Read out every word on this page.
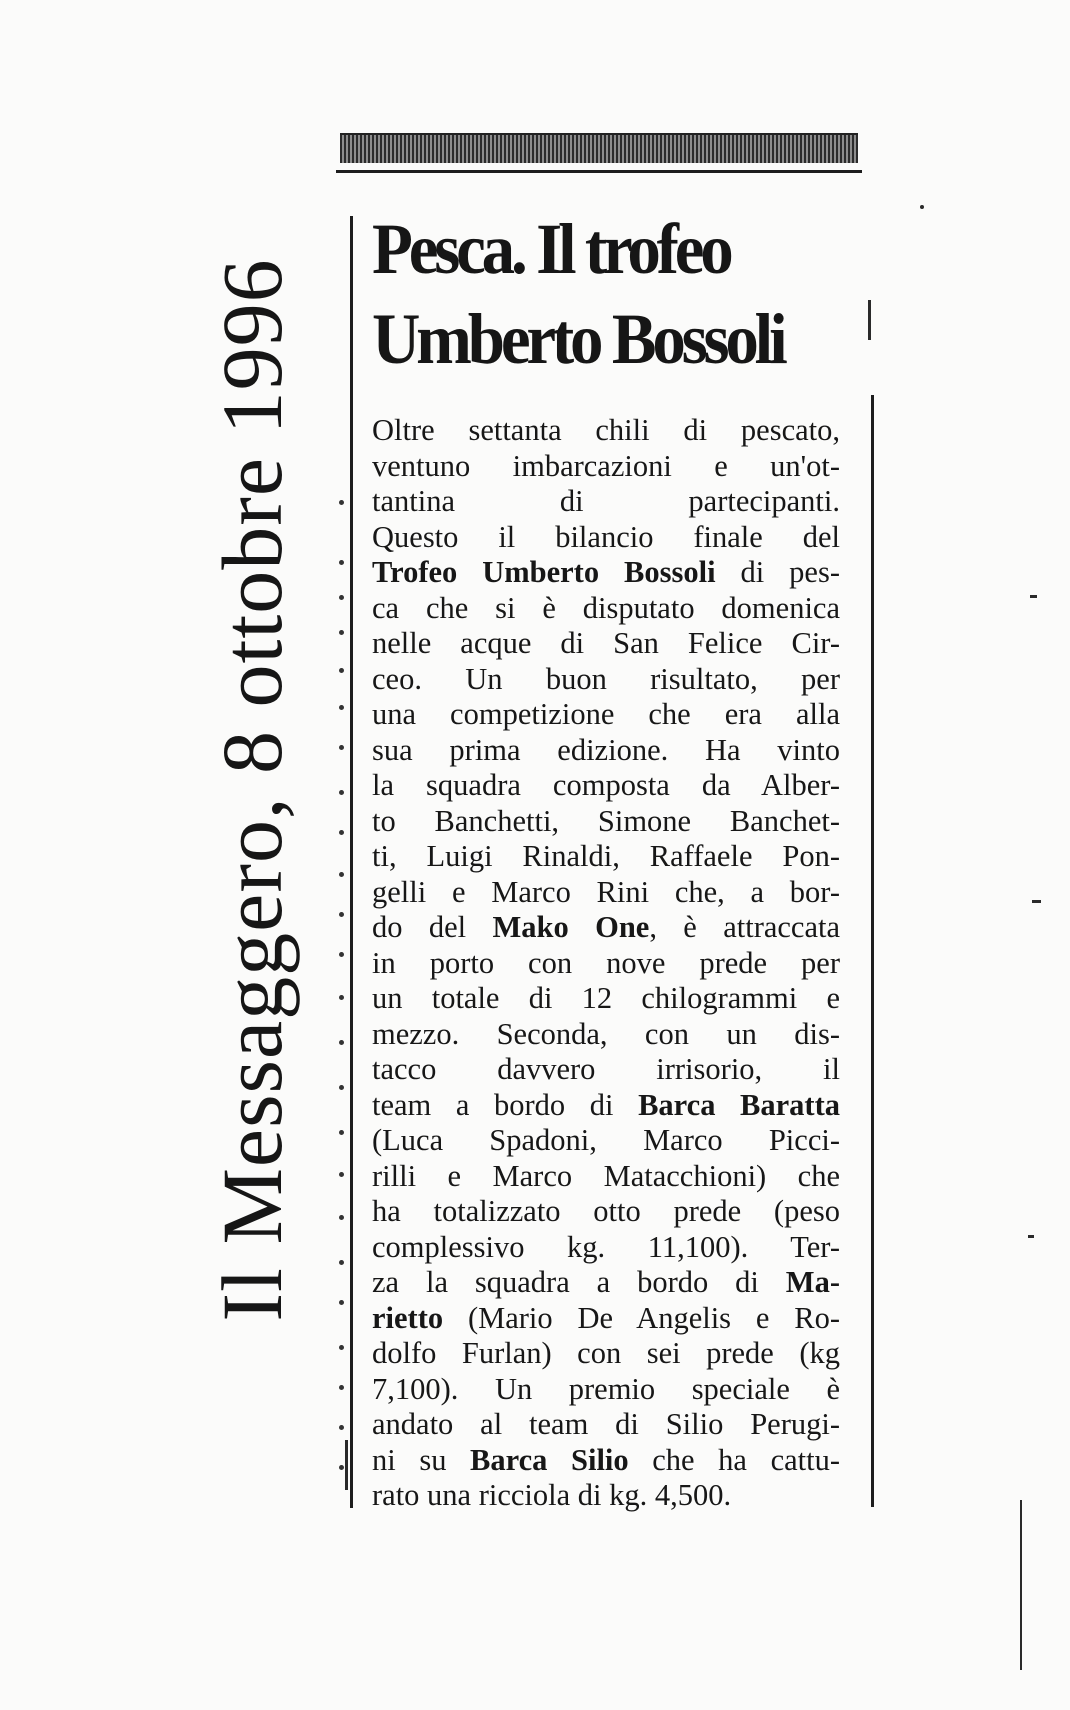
Il Messaggero, 8 ottobre 1996
Pesca. Il trofeo
Umberto Bossoli
Oltre settanta chili di pescato,
ventuno imbarcazioni e un'ot-
tantina di partecipanti.
Questo il bilancio finale del
Trofeo Umberto Bossoli di pes-
ca che si è disputato domenica
nelle acque di San Felice Cir-
ceo. Un buon risultato, per
una competizione che era alla
sua prima edizione. Ha vinto
la squadra composta da Alber-
to Banchetti, Simone Banchet-
ti, Luigi Rinaldi, Raffaele Pon-
gelli e Marco Rini che, a bor-
do del Mako One, è attraccata
in porto con nove prede per
un totale di 12 chilogrammi e
mezzo. Seconda, con un dis-
tacco davvero irrisorio, il
team a bordo di Barca Baratta
(Luca Spadoni, Marco Picci-
rilli e Marco Matacchioni) che
ha totalizzato otto prede (peso
complessivo kg. 11,100). Ter-
za la squadra a bordo di Ma-
rietto (Mario De Angelis e Ro-
dolfo Furlan) con sei prede (kg
7,100). Un premio speciale è
andato al team di Silio Perugi-
ni su Barca Silio che ha cattu-
rato una ricciola di kg. 4,500.
